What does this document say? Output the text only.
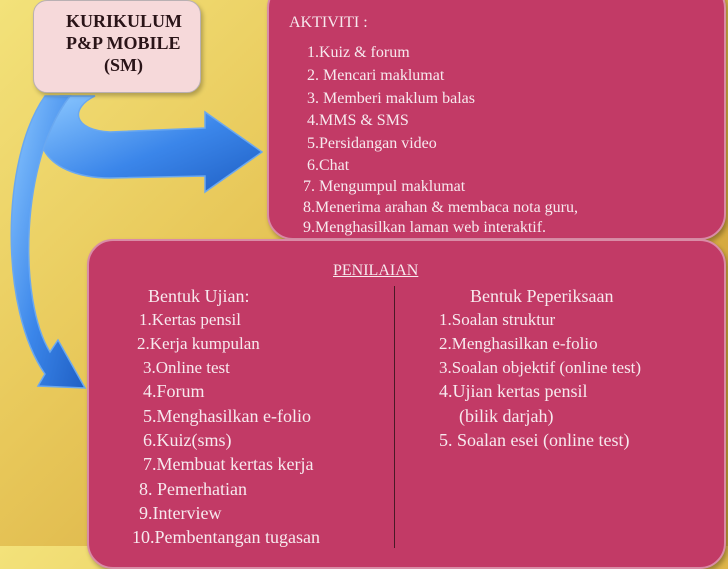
KURIKULUM
P&P MOBILE
(SM)
AKTIVITI :
1.Kuiz & forum
2. Mencari maklumat
3. Memberi maklum balas
4.MMS & SMS
5.Persidangan video
6.Chat
7. Mengumpul maklumat
8.Menerima arahan & membaca nota guru,
9.Menghasilkan laman web interaktif.
PENILAIAN
Bentuk Ujian:
1.Kertas pensil
2.Kerja kumpulan
3.Online test
4.Forum
5.Menghasilkan e-folio
6.Kuiz(sms)
7.Membuat kertas kerja
8. Pemerhatian
9.Interview
10.Pembentangan tugasan
Bentuk Peperiksaan
1.Soalan struktur
2.Menghasilkan e-folio
3.Soalan objektif (online test)
4.Ujian kertas pensil
(bilik darjah)
5. Soalan esei (online test)
